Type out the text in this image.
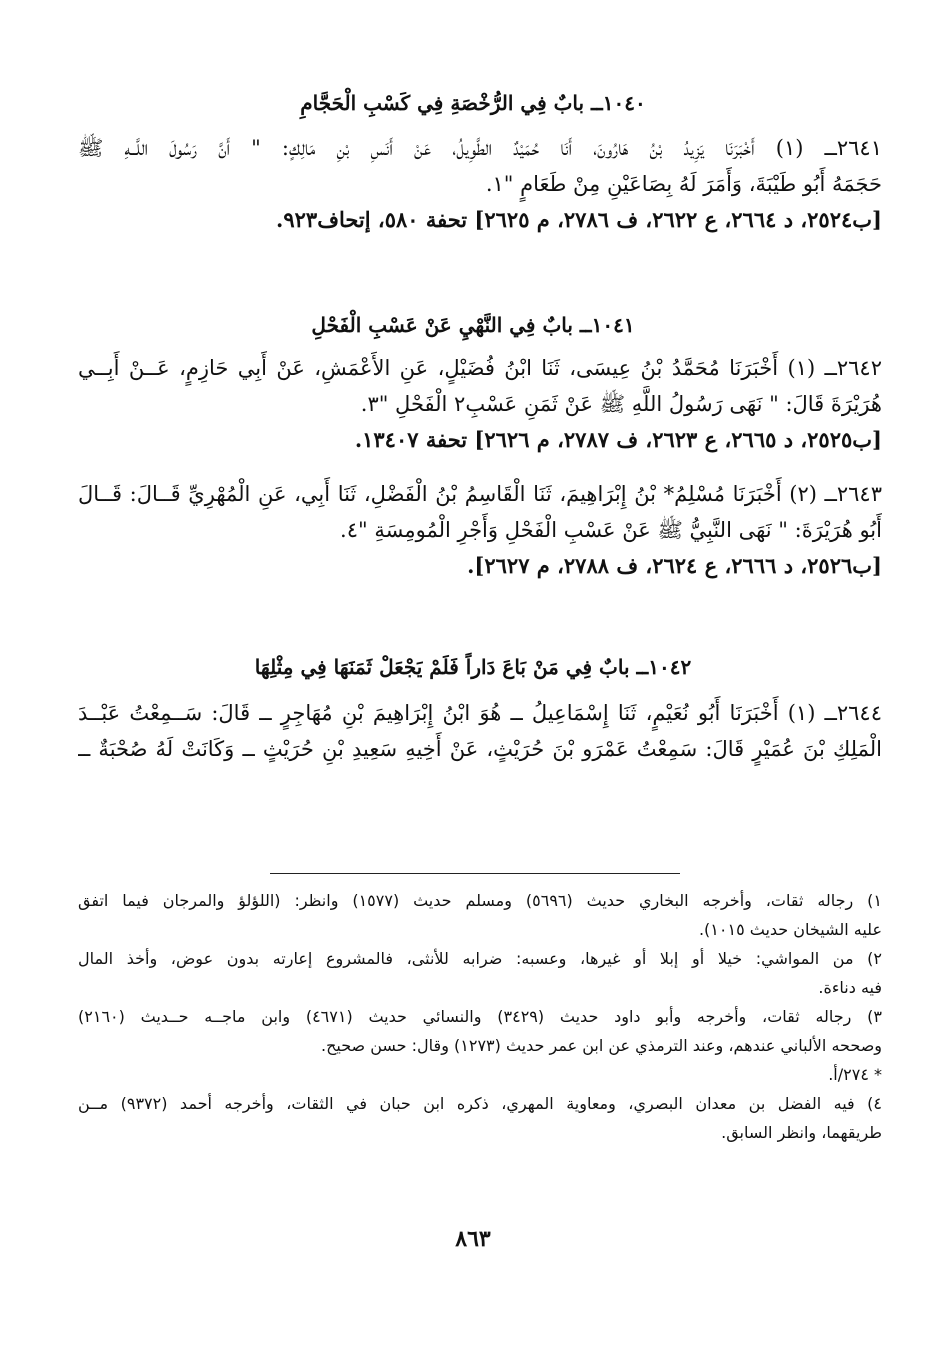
١٠٤٠ــ بابٌ فِي الرُّخْصَةِ فِي كَسْبِ الْحَجَّامِ
٢٦٤١ــ (١) أَخْبَرَنَا يَزِيدُ بْنُ هَارُونَ، أَنَا حُمَيْدٌ الطَّوِيلُ، عَنْ أَنَسِ بْنِ مَالِكٍ: " أَنَّ رَسُولَ اللَّــهِ ﷺ
حَجَمَهُ أَبُو طَيْبَةَ، وَأَمَرَ لَهُ بِصَاعَيْنِ مِنْ طَعَامٍ "١.
[ب٢٥٢٤، د ٢٦٦٤، ع ٢٦٢٢، ف ٢٧٨٦، م ٢٦٢٥] تحفة ٥٨٠، إتحاف٩٢٣.
١٠٤١ــ بابٌ فِي النَّهْيِ عَنْ عَسْبِ الْفَحْلِ
٢٦٤٢ــ (١) أَخْبَرَنَا مُحَمَّدُ بْنُ عِيسَى، ثَنَا ابْنُ فُضَيْلٍ، عَنِ الأَعْمَشِ، عَنْ أَبِي حَازِمٍ، عَــنْ أَبِــي
هُرَيْرَةَ قَالَ: " نَهَى رَسُولُ اللَّهِ ﷺ عَنْ ثَمَنِ عَسْبِ٢ الْفَحْلِ "٣.
[ب٢٥٢٥، د ٢٦٦٥، ع ٢٦٢٣، ف ٢٧٨٧، م ٢٦٢٦] تحفة ١٣٤٠٧.
٢٦٤٣ــ (٢) أَخْبَرَنَا مُسْلِمُ* بْنُ إِبْرَاهِيمَ، ثَنَا الْقَاسِمُ بْنُ الْفَضْلِ، ثَنَا أَبِي، عَنِ الْمُهْرِيِّ قَــالَ: قَــالَ
أَبُو هُرَيْرَةَ: " نَهَى النَّبِيُّ ﷺ عَنْ عَسْبِ الْفَحْلِ وَأَجْرِ الْمُومِسَةِ "٤.
[ب٢٥٢٦، د ٢٦٦٦، ع ٢٦٢٤، ف ٢٧٨٨، م ٢٦٢٧].
١٠٤٢ــ بابٌ فِي مَنْ بَاعَ دَاراً فَلَمْ يَجْعَلْ ثَمَنَهَا فِي مِثْلِهَا
٢٦٤٤ــ (١) أَخْبَرَنَا أَبُو نُعَيْمٍ، ثَنَا إِسْمَاعِيلُ ــ هُوَ ابْنُ إِبْرَاهِيمَ بْنِ مُهَاجِرٍ ــ قَالَ: سَــمِعْتُ عَبْــدَ
الْمَلِكِ بْنَ عُمَيْرٍ قَالَ: سَمِعْتُ عَمْرَو بْنَ حُرَيْثٍ، عَنْ أَخِيهِ سَعِيدِ بْنِ حُرَيْثٍ ــ وَكَانَتْ لَهُ صُحْبَةٌ ــ
١) رجاله ثقات، وأخرجه البخاري حديث (٥٦٩٦) ومسلم حديث (١٥٧٧) وانظر: (اللؤلؤ والمرجان فيما اتفق
عليه الشيخان حديث ١٠١٥).
٢) من المواشي: خيلا أو إبلا أو غيرها، وعسبه: ضرابه للأنثى، فالمشروع إعارته بدون عوض، وأخذ المال
فيه دناءة.
٣) رجاله ثقات، وأخرجه وأبو داود حديث (٣٤٢٩) والنسائي حديث (٤٦٧١) وابن ماجــه حــديث (٢١٦٠)
وصححه الألباني عندهم، وعند الترمذي عن ابن عمر حديث (١٢٧٣) وقال: حسن صحيح.
* ٢٧٤/أ.
٤) فيه الفضل بن معدان البصري، ومعاوية المهري، ذكره ابن حبان في الثقات، وأخرجه أحمد (٩٣٧٢) مــن
طريقهما، وانظر السابق.
٨٦٣
